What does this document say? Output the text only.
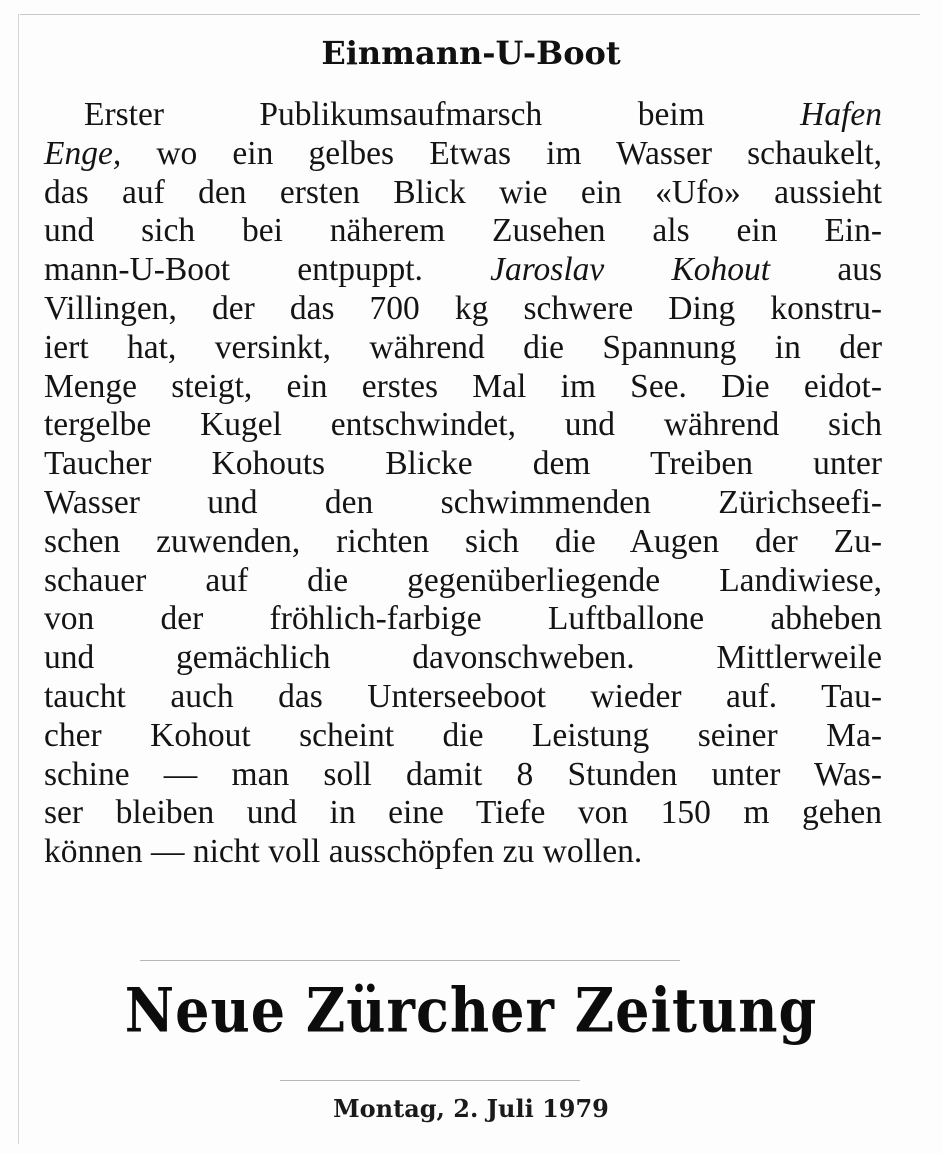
Einmann-U-Boot
Erster Publikumsaufmarsch beim Hafen
Enge, wo ein gelbes Etwas im Wasser schaukelt,
das auf den ersten Blick wie ein «Ufo» aussieht
und sich bei näherem Zusehen als ein Ein-
mann-U-Boot entpuppt. Jaroslav Kohout aus
Villingen, der das 700 kg schwere Ding konstru-
iert hat, versinkt, während die Spannung in der
Menge steigt, ein erstes Mal im See. Die eidot-
tergelbe Kugel entschwindet, und während sich
Taucher Kohouts Blicke dem Treiben unter
Wasser und den schwimmenden Zürichseefi-
schen zuwenden, richten sich die Augen der Zu-
schauer auf die gegenüberliegende Landiwiese,
von der fröhlich-farbige Luftballone abheben
und gemächlich davonschweben. Mittlerweile
taucht auch das Unterseeboot wieder auf. Tau-
cher Kohout scheint die Leistung seiner Ma-
schine — man soll damit 8 Stunden unter Was-
ser bleiben und in eine Tiefe von 150 m gehen
können — nicht voll ausschöpfen zu wollen.
Neue Zürcher Zeitung
Montag, 2. Juli 1979
